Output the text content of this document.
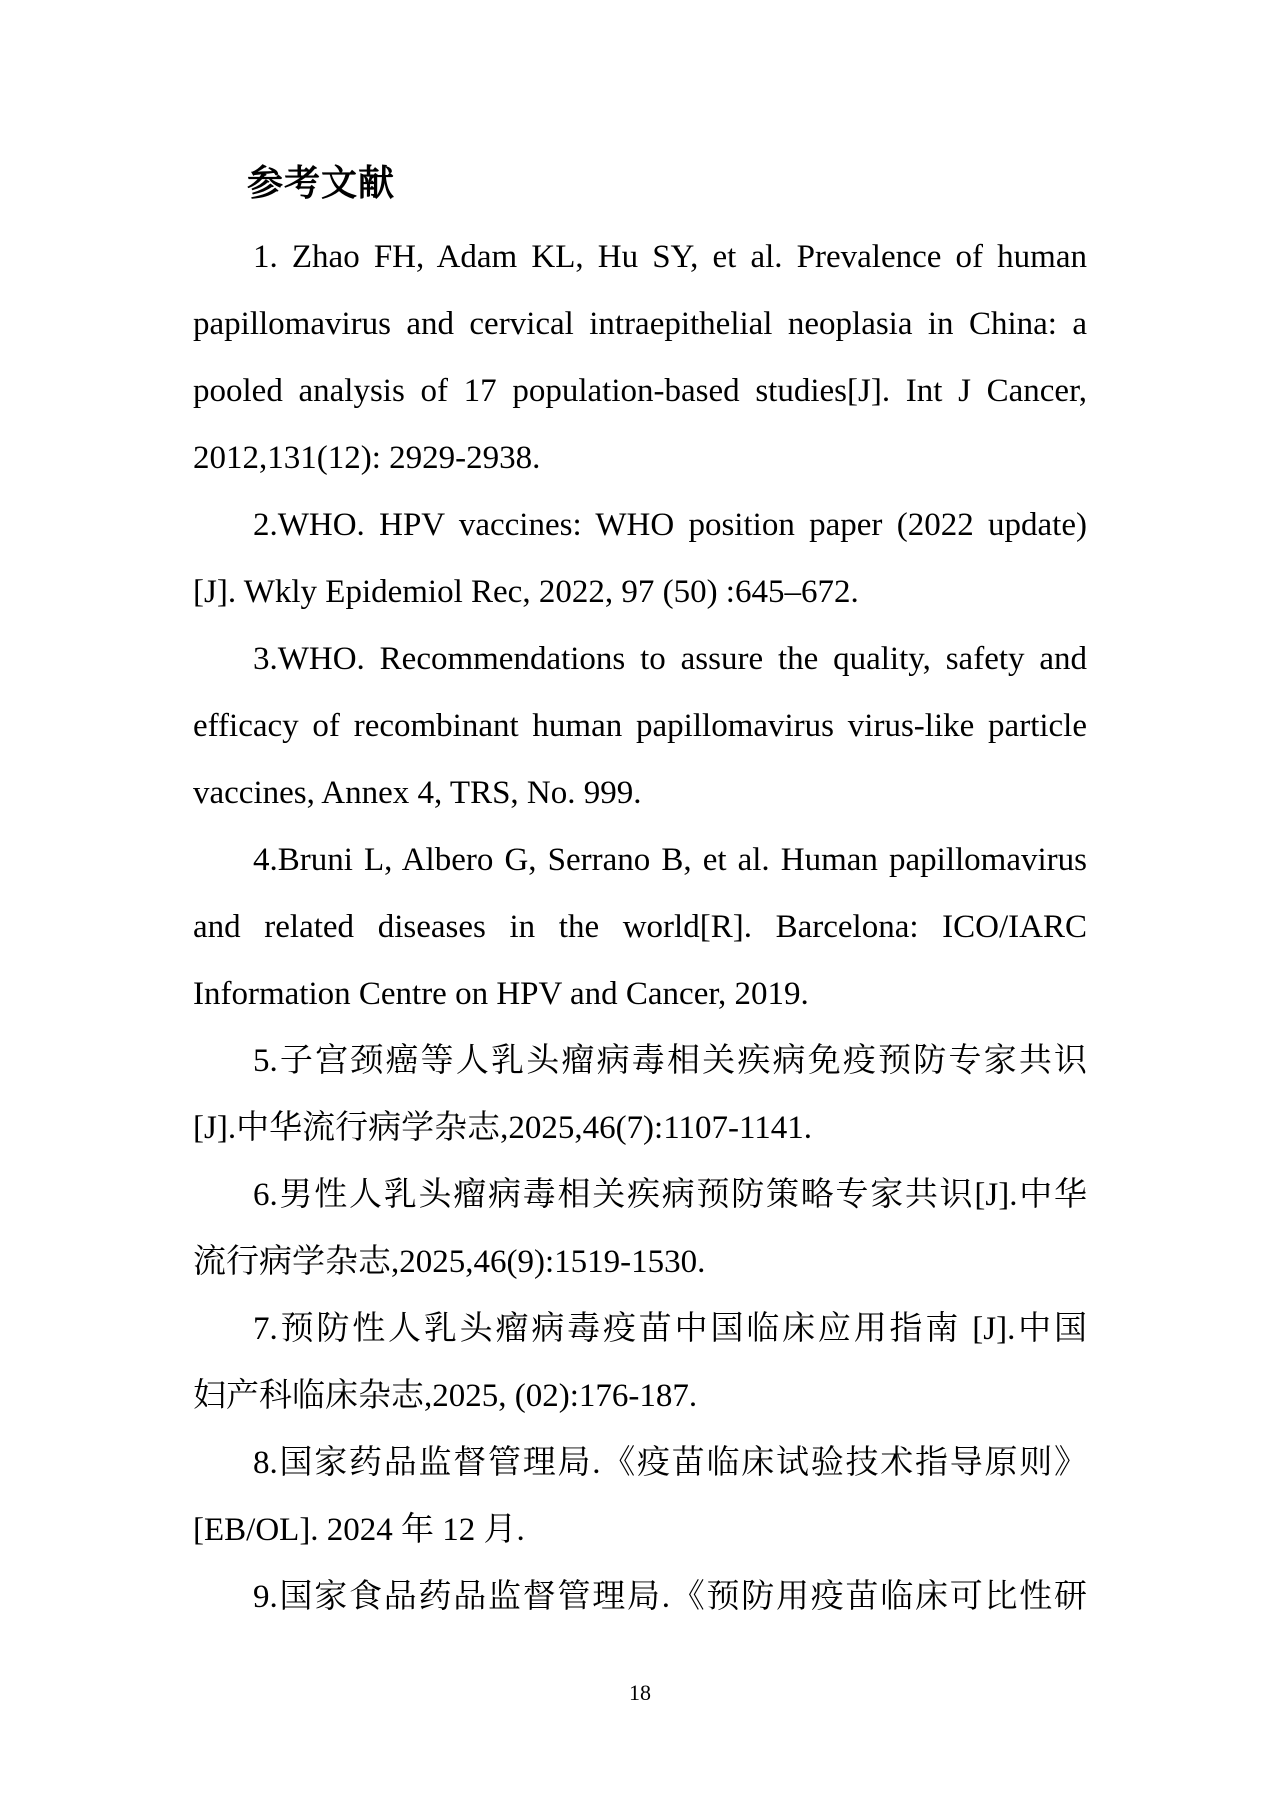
参考文献
1. Zhao FH, Adam KL, Hu SY, et al. Prevalence of human
papillomavirus and cervical intraepithelial neoplasia in China: a
pooled analysis of 17 population-based studies[J]. Int J Cancer,
2012,131(12): 2929-2938.
2.WHO. HPV vaccines: WHO position paper (2022 update)
[J]. Wkly Epidemiol Rec, 2022, 97 (50) :645–672.
3.WHO. Recommendations to assure the quality, safety and
efficacy of recombinant human papillomavirus virus-like particle
vaccines, Annex 4, TRS, No. 999.
4.Bruni L, Albero G, Serrano B, et al. Human papillomavirus
and related diseases in the world[R]. Barcelona: ICO/IARC
Information Centre on HPV and Cancer, 2019.
5.子宫颈癌等人乳头瘤病毒相关疾病免疫预防专家共识
[J].中华流行病学杂志,2025,46(7):1107-1141.
6.男性人乳头瘤病毒相关疾病预防策略专家共识[J].中华
流行病学杂志,2025,46(9):1519-1530.
7.预防性人乳头瘤病毒疫苗中国临床应用指南 [J].中国
妇产科临床杂志,2025, (02):176-187.
8.国家药品监督管理局.《疫苗临床试验技术指导原则》
[EB/OL]. 2024 年 12 月.
9.国家食品药品监督管理局.《预防用疫苗临床可比性研
18
